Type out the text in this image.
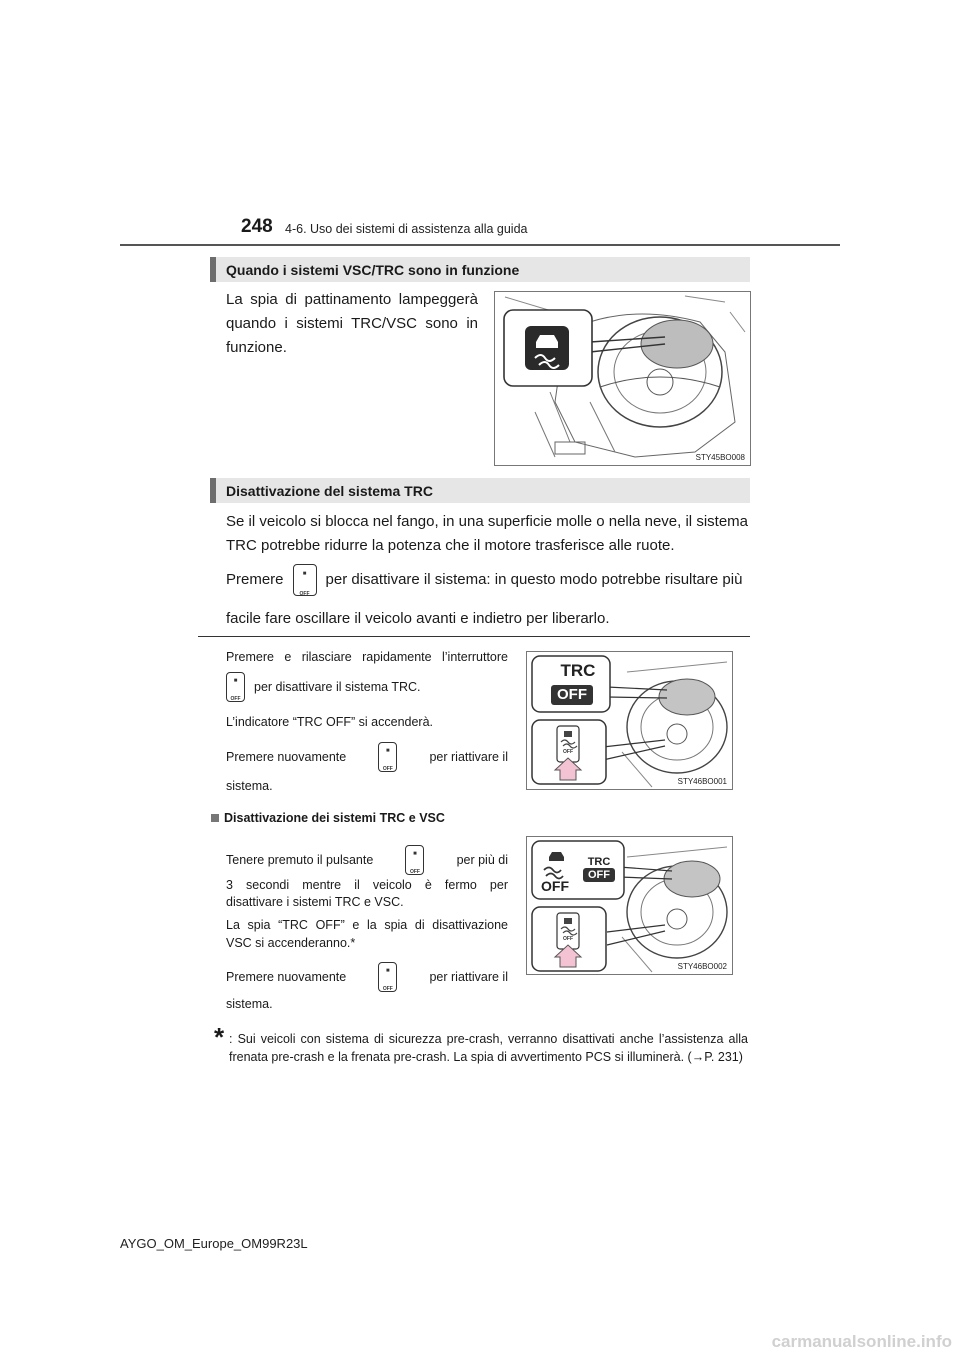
248 4-6. Uso dei sistemi di assistenza alla guida
Quando i sistemi VSC/TRC sono in funzione
La spia di pattinamento lampeggerà quando i sistemi TRC/VSC sono in funzione.
STY45BO008
Disattivazione del sistema TRC
Se il veicolo si blocca nel fango, in una superficie molle o nella neve, il sistema TRC potrebbe ridurre la potenza che il motore trasferisce alle ruote.
Premere	■
OFF
per disattivare il sistema: in questo modo potrebbe risultare più
facile fare oscillare il veicolo avanti e indietro per liberarlo.
Premere e rilasciare rapidamente l’interruttore
■
OFF
per disattivare il sistema TRC.
L’indicatore “TRC OFF” si accenderà.
Premere nuovamente	■
OFF
per riattivare il
sistema.
TRC
OFF
OFF
STY46BO001
Disattivazione dei sistemi TRC e VSC
Tenere premuto il pulsante	■
OFF
per più di
3 secondi mentre il veicolo è fermo per
disattivare i sistemi TRC e VSC.
La spia “TRC OFF” e la spia di disattivazione
VSC si accenderanno.*
Premere nuovamente	■
OFF
per riattivare il
sistema.
OFF
TRC
OFF
OFF
STY46BO002
* : Sui veicoli con sistema di sicurezza pre-crash, verranno disattivati anche l’assistenza alla frenata pre-crash e la frenata pre-crash. La spia di avvertimento PCS si illuminerà. (→P. 231)
AYGO_OM_Europe_OM99R23L
carmanualsonline.info
